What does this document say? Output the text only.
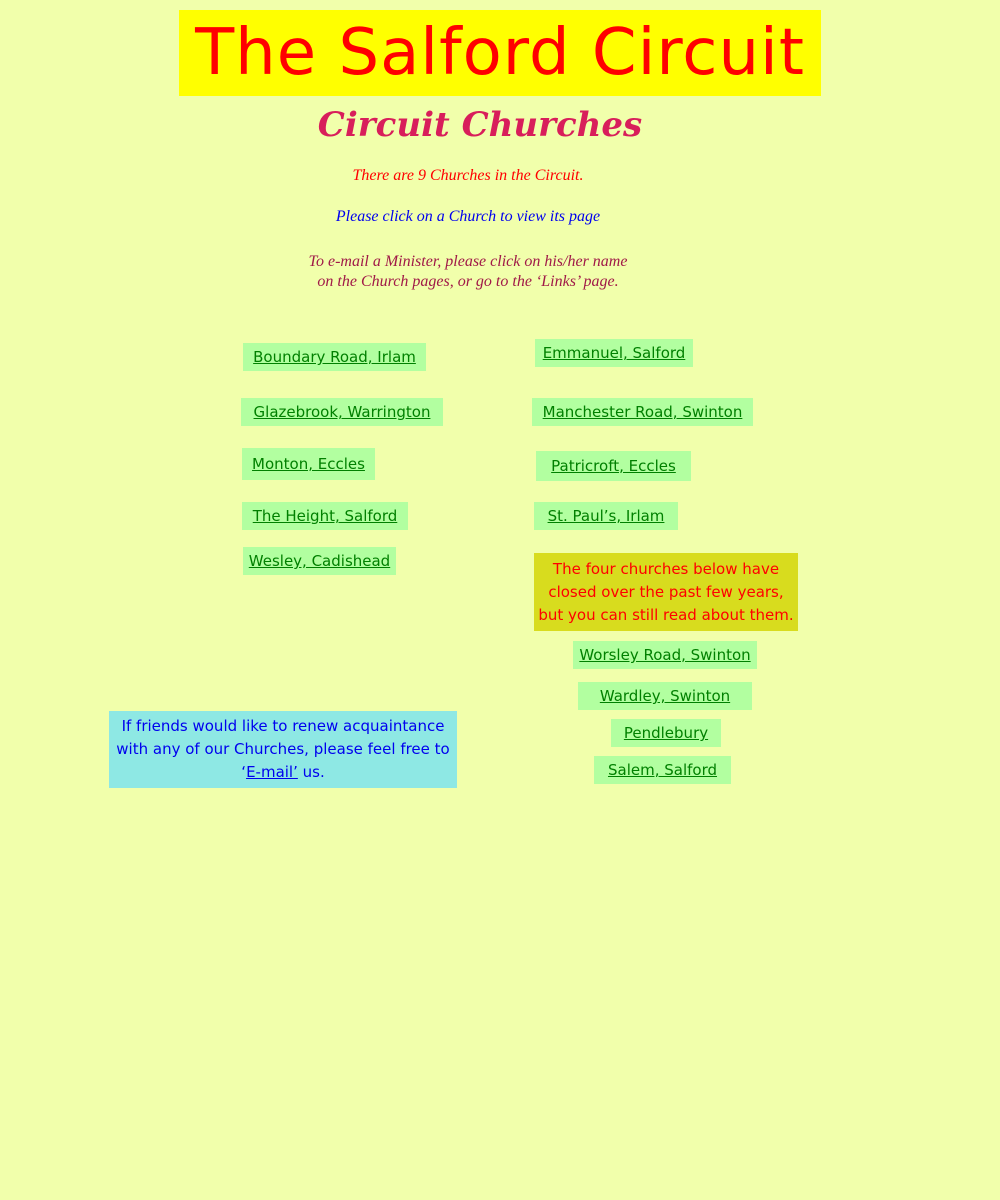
The Salford Circuit
Circuit Churches
There are 9 Churches in the Circuit.
Please click on a Church to view its page
To e-mail a Minister, please click on his/her name on the Church pages, or go to the ‘Links’ page.
Boundary Road, Irlam
Glazebrook, Warrington
Monton, Eccles
The Height, Salford
Wesley, Cadishead
Emmanuel, Salford
Manchester Road, Swinton
Patricroft, Eccles
St. Paul’s, Irlam
The four churches below have closed over the past few years, but you can still read about them.
Worsley Road, Swinton
Wardley, Swinton
Pendlebury
Salem, Salford
If friends would like to renew acquaintance with any of our Churches, please feel free to ‘E-mail’ us.
